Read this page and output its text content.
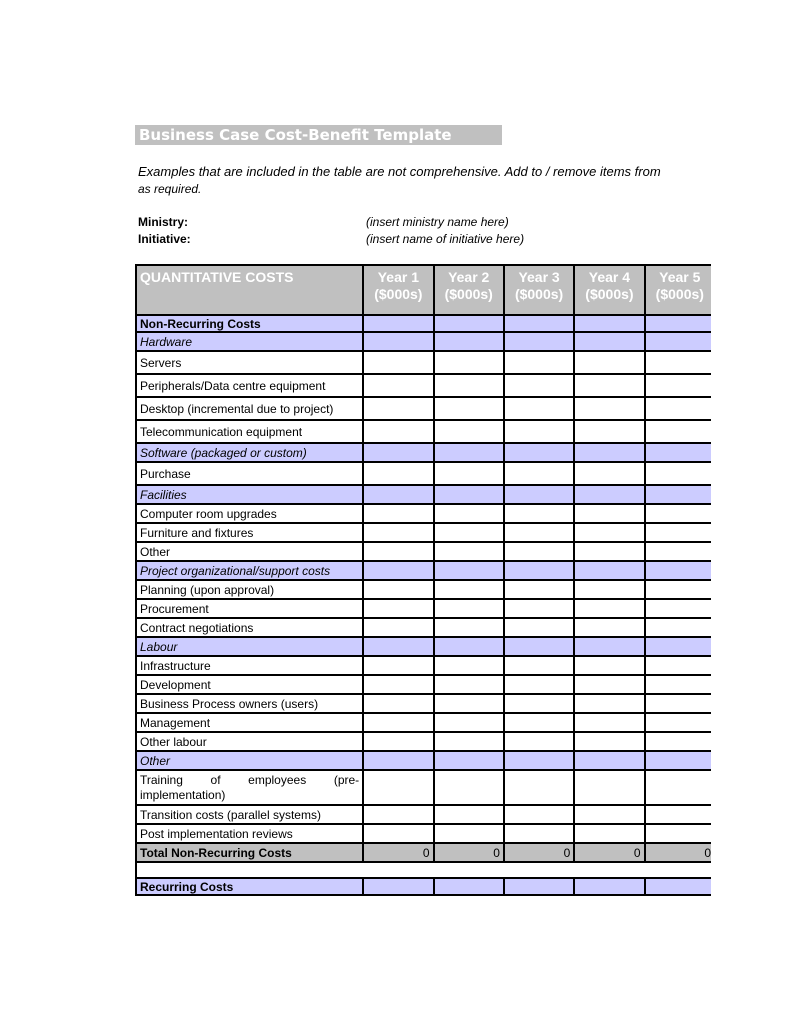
Business Case Cost-Benefit Template
Examples that are included in the table are not comprehensive. Add to / remove items from
as required.
Ministry:	(insert ministry name here)
Initiative:	(insert name of initiative here)
QUANTITATIVE COSTS	Year 1 ($000s)	Year 2 ($000s)	Year 3 ($000s)	Year 4 ($000s)	Year 5 ($000s)
Non-Recurring Costs					
Hardware					
Servers					
Peripherals/Data centre equipment					
Desktop (incremental due to project)					
Telecommunication equipment					
Software (packaged or custom)					
Purchase					
Facilities					
Computer room upgrades					
Furniture and fixtures					
Other					
Project organizational/support costs					
Planning (upon approval)					
Procurement					
Contract negotiations					
Labour					
Infrastructure					
Development					
Business Process owners (users)					
Management					
Other labour					
Other					
Training of employees (pre-implementation)					
Transition costs (parallel systems)					
Post implementation reviews					
Total Non-Recurring Costs	0	0	0	0	0

Recurring Costs					
